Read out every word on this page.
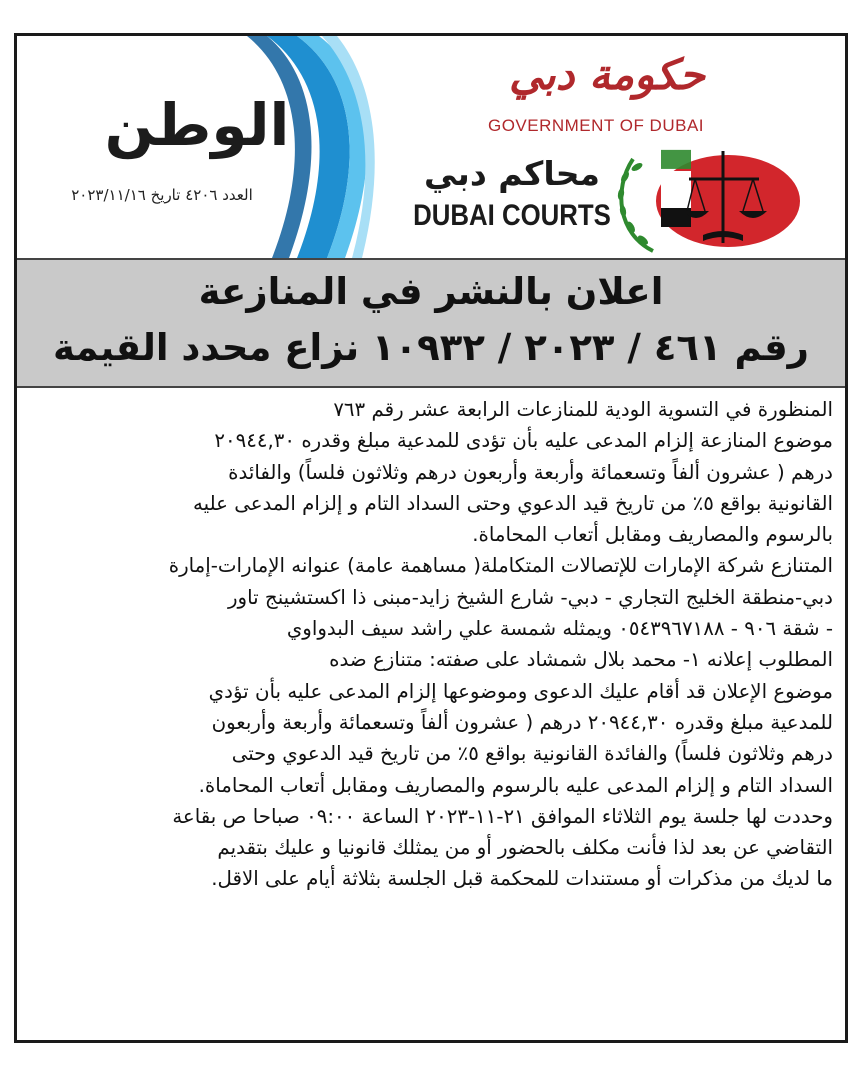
الوطن
العدد ٤٢٠٦ تاريخ ٢٠٢٣/١١/١٦
حكومة دبي
GOVERNMENT OF DUBAI
محاكم دبي
DUBAI COURTS
اعلان بالنشر في المنازعة
رقم ٤٦١ / ٢٠٢٣ / ١٠٩٣٢ نزاع محدد القيمة
المنظورة في التسوية الودية للمنازعات الرابعة عشر رقم ٧٦٣
موضوع المنازعة إلزام المدعى عليه بأن تؤدى للمدعية مبلغ وقدره ٢٠٩٤٤,٣٠
درهم ( عشرون ألفاً وتسعمائة وأربعة وأربعون درهم وثلاثون فلساً) والفائدة
القانونية بواقع ٥٪ من تاريخ قيد الدعوي وحتى السداد التام و إلزام المدعى عليه
بالرسوم والمصاريف ومقابل أتعاب المحاماة.
المتنازع شركة الإمارات للإتصالات المتكاملة( مساهمة عامة) عنوانه الإمارات-إمارة
دبي-منطقة الخليج التجاري - دبي- شارع الشيخ زايد-مبنى ذا اكستشينج تاور
- شقة ٩٠٦ - ٠٥٤٣٩٦٧١٨٨ ويمثله شمسة علي راشد سيف البدواوي
المطلوب إعلانه ١- محمد بلال شمشاد على صفته: متنازع ضده
موضوع الإعلان قد أقام عليك الدعوى وموضوعها إلزام المدعى عليه بأن تؤدي
للمدعية مبلغ وقدره ٢٠٩٤٤,٣٠ درهم ( عشرون ألفاً وتسعمائة وأربعة وأربعون
درهم وثلاثون فلساً) والفائدة القانونية بواقع ٥٪ من تاريخ قيد الدعوي وحتى
السداد التام و إلزام المدعى عليه بالرسوم والمصاريف ومقابل أتعاب المحاماة.
وحددت لها جلسة يوم الثلاثاء الموافق ٢١-١١-٢٠٢٣ الساعة ٠٩:٠٠ صباحا ص بقاعة
التقاضي عن بعد لذا فأنت مكلف بالحضور أو من يمثلك قانونيا و عليك بتقديم
ما لديك من مذكرات أو مستندات للمحكمة قبل الجلسة بثلاثة أيام على الاقل.
